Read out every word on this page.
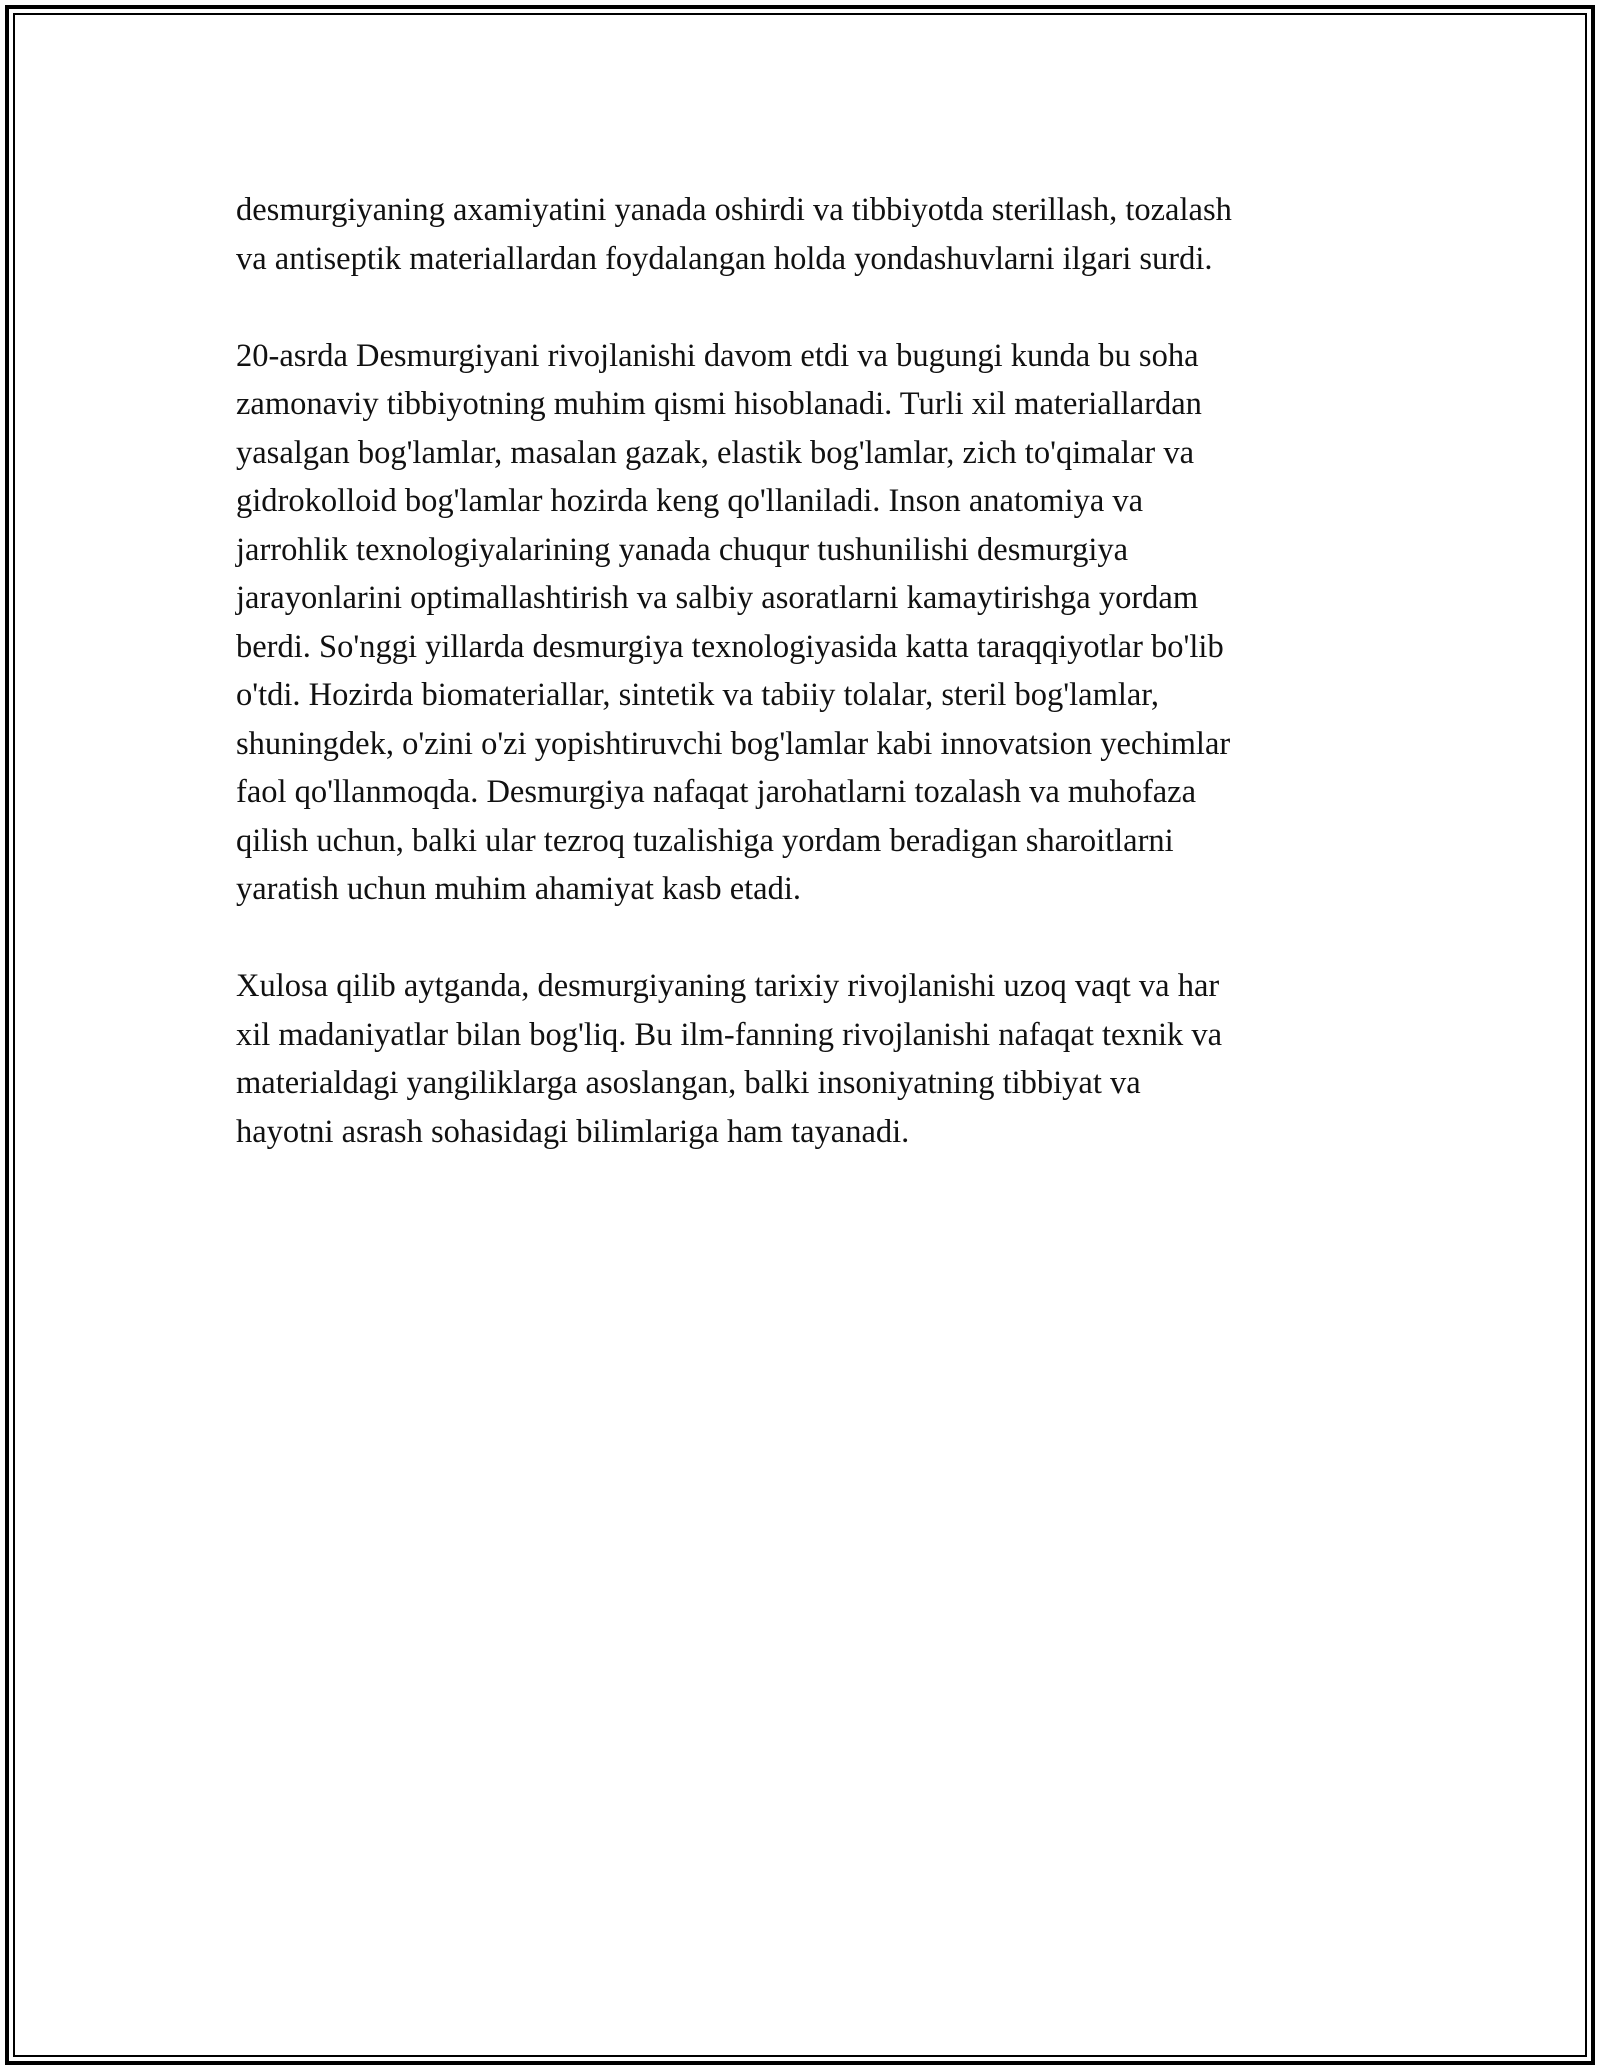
desmurgiyaning axamiyatini yanada oshirdi va tibbiyotda sterillash, tozalash
va antiseptik materiallardan foydalangan holda yondashuvlarni ilgari surdi.

20-asrda Desmurgiyani rivojlanishi davom etdi va bugungi kunda bu soha
zamonaviy tibbiyotning muhim qismi hisoblanadi. Turli xil materiallardan
yasalgan bog'lamlar, masalan gazak, elastik bog'lamlar, zich to'qimalar va
gidrokolloid bog'lamlar hozirda keng qo'llaniladi. Inson anatomiya va
jarrohlik texnologiyalarining yanada chuqur tushunilishi desmurgiya
jarayonlarini optimallashtirish va salbiy asoratlarni kamaytirishga yordam
berdi. So'nggi yillarda desmurgiya texnologiyasida katta taraqqiyotlar bo'lib
o'tdi. Hozirda biomateriallar, sintetik va tabiiy tolalar, steril bog'lamlar,
shuningdek, o'zini o'zi yopishtiruvchi bog'lamlar kabi innovatsion yechimlar
faol qo'llanmoqda. Desmurgiya nafaqat jarohatlarni tozalash va muhofaza
qilish uchun, balki ular tezroq tuzalishiga yordam beradigan sharoitlarni
yaratish uchun muhim ahamiyat kasb etadi.

Xulosa qilib aytganda, desmurgiyaning tarixiy rivojlanishi uzoq vaqt va har
xil madaniyatlar bilan bog'liq. Bu ilm-fanning rivojlanishi nafaqat texnik va
materialdagi yangiliklarga asoslangan, balki insoniyatning tibbiyat va
hayotni asrash sohasidagi bilimlariga ham tayanadi.
